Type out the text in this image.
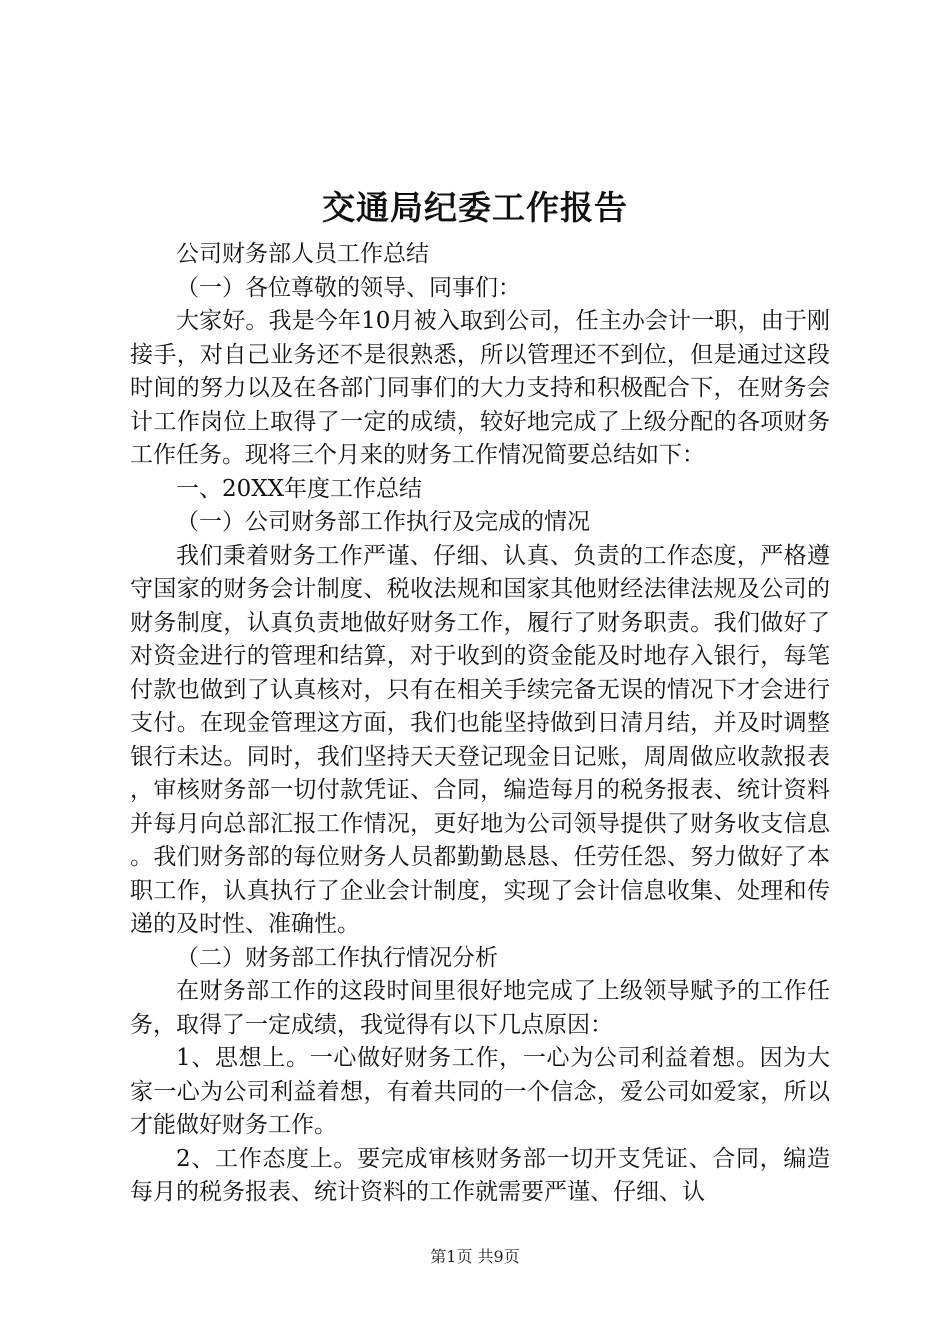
交通局纪委工作报告

公司财务部人员工作总结

（一）各位尊敬的领导、同事们：

大家好。我是今年10月被入取到公司，任主办会计一职，由于刚接手，对自己业务还不是很熟悉，所以管理还不到位，但是通过这段时间的努力以及在各部门同事们的大力支持和积极配合下，在财务会计工作岗位上取得了一定的成绩，较好地完成了上级分配的各项财务工作任务。现将三个月来的财务工作情况简要总结如下：

一、20XX年度工作总结

（一）公司财务部工作执行及完成的情况

我们秉着财务工作严谨、仔细、认真、负责的工作态度，严格遵守国家的财务会计制度、税收法规和国家其他财经法律法规及公司的财务制度，认真负责地做好财务工作，履行了财务职责。我们做好了对资金进行的管理和结算，对于收到的资金能及时地存入银行，每笔付款也做到了认真核对，只有在相关手续完备无误的情况下才会进行支付。在现金管理这方面，我们也能坚持做到日清月结，并及时调整银行未达。同时，我们坚持天天登记现金日记账，周周做应收款报表，审核财务部一切付款凭证、合同，编造每月的税务报表、统计资料并每月向总部汇报工作情况，更好地为公司领导提供了财务收支信息。我们财务部的每位财务人员都勤勤恳恳、任劳任怨、努力做好了本职工作，认真执行了企业会计制度，实现了会计信息收集、处理和传递的及时性、准确性。

（二）财务部工作执行情况分析

在财务部工作的这段时间里很好地完成了上级领导赋予的工作任务，取得了一定成绩，我觉得有以下几点原因：

1、思想上。一心做好财务工作，一心为公司利益着想。因为大家一心为公司利益着想，有着共同的一个信念，爱公司如爱家，所以才能做好财务工作。

2、工作态度上。要完成审核财务部一切开支凭证、合同，编造每月的税务报表、统计资料的工作就需要严谨、仔细、认

第1页 共9页
